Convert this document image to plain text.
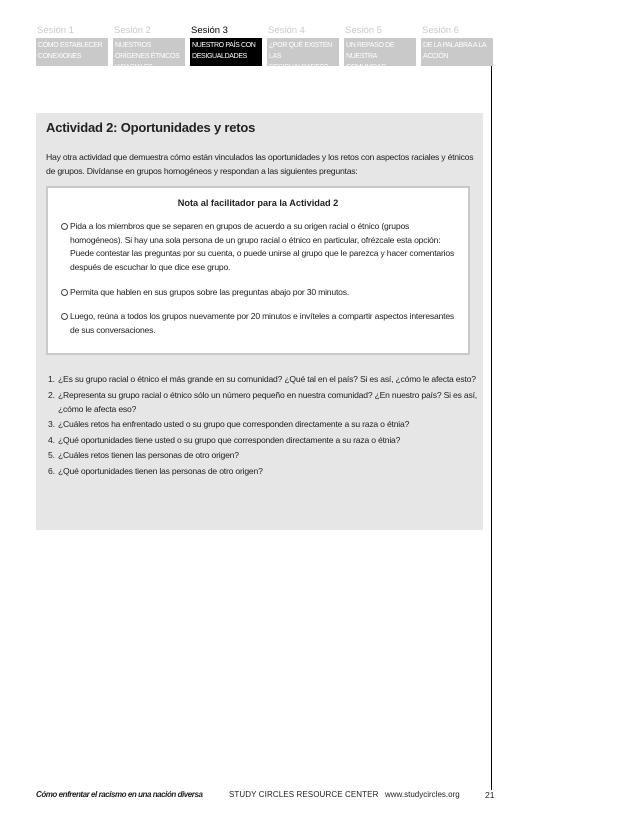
Sesión 1
CÓMO ESTABLECER CONEXIONES
Sesión 2
NUESTROS ORÍGENES ÉTNICOS Y RACIALES
Sesión 3
NUESTRO PAÍS CON DESIGUALDADES
Sesión 4
¿POR QUÉ EXISTEN LAS DESIGUALDADES?
Sesión 5
UN REPASO DE NUESTRA COMUNIDAD
Sesión 6
DE LA PALABRA A LA ACCIÓN
Actividad 2: Oportunidades y retos
Hay otra actividad que demuestra cómo están vinculados las oportunidades y los retos con aspectos raciales y étnicos de grupos. Divídanse en grupos homogéneos y respondan a las siguientes preguntas:
Nota al facilitador para la Actividad 2
Pida a los miembros que se separen en grupos de acuerdo a su origen racial o étnico (grupos homogéneos). Si hay una sola persona de un grupo racial o étnico en particular, ofrézcale esta opción: Puede contestar las preguntas por su cuenta, o puede unirse al grupo que le parezca y hacer comentarios después de escuchar lo que dice ese grupo.
Permita que hablen en sus grupos sobre las preguntas abajo por 30 minutos.
Luego, reúna a todos los grupos nuevamente por 20 minutos e invíteles a compartir aspectos interesantes de sus conversaciones.
1. ¿Es su grupo racial o étnico el más grande en su comunidad? ¿Qué tal en el país? Si es así, ¿cómo le afecta esto?
2. ¿Representa su grupo racial o étnico sólo un número pequeño en nuestra comunidad? ¿En nuestro país? Si es así, ¿cómo le afecta eso?
3. ¿Cuáles retos ha enfrentado usted o su grupo que corresponden directamente a su raza o étnia?
4. ¿Qué oportunidades tiene usted o su grupo que corresponden directamente a su raza o étnia?
5. ¿Cuáles retos tienen las personas de otro origen?
6. ¿Qué oportunidades tienen las personas de otro origen?
Cómo enfrentar el racismo en una nación diversa	STUDY CIRCLES RESOURCE CENTER www.studycircles.org	21
